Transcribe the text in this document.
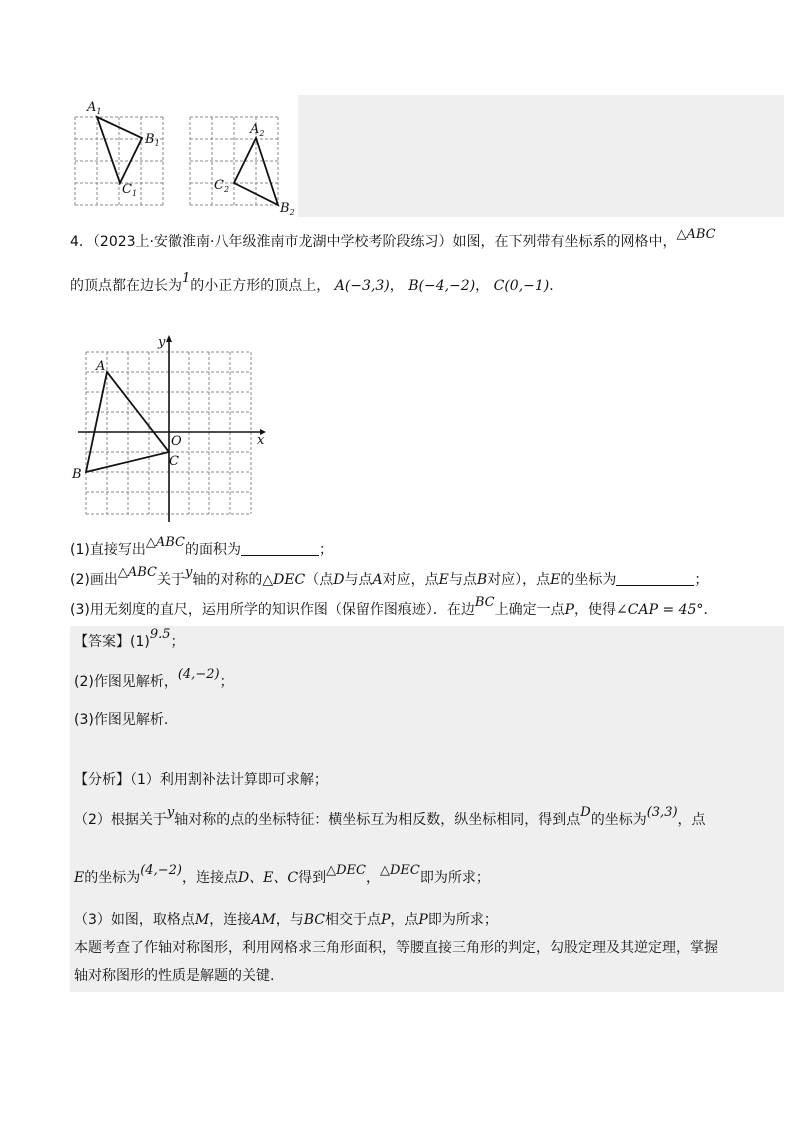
$A_1$
$B_1$
$C_1$
$A_2$
$B_2$
$C_2$
4．（2023上·安徽淮南·八年级淮南市龙湖中学校考阶段练习）如图，在下列带有坐标系的网格中，△ABC
的顶点都在边长为1的小正方形的顶点上， A(−3,3)， B(−4,−2)， C(0,−1).
y
x
O
A
B
C
(1)直接写出△ABC的面积为	；
(2)画出△ABC关于y轴的对称的△DEC（点D与点A对应，点E与点B对应），点E的坐标为	；
(3)用无刻度的直尺，运用所学的知识作图（保留作图痕迹）．在边BC上确定一点P，使得∠CAP = 45°．
【答案】(1)9.5；
(2)作图见解析，(4,−2)；
(3)作图见解析.
【分析】（1）利用割补法计算即可求解；
（2）根据关于y轴对称的点的坐标特征：横坐标互为相反数，纵坐标相同，得到点D的坐标为(3,3)，点
E的坐标为(4,−2)，连接点D、E、C得到△DEC，△DEC即为所求；
（3）如图，取格点M，连接AM，与BC相交于点P，点P即为所求；
本题考查了作轴对称图形，利用网格求三角形面积，等腰直接三角形的判定，勾股定理及其逆定理，掌握
轴对称图形的性质是解题的关键.
